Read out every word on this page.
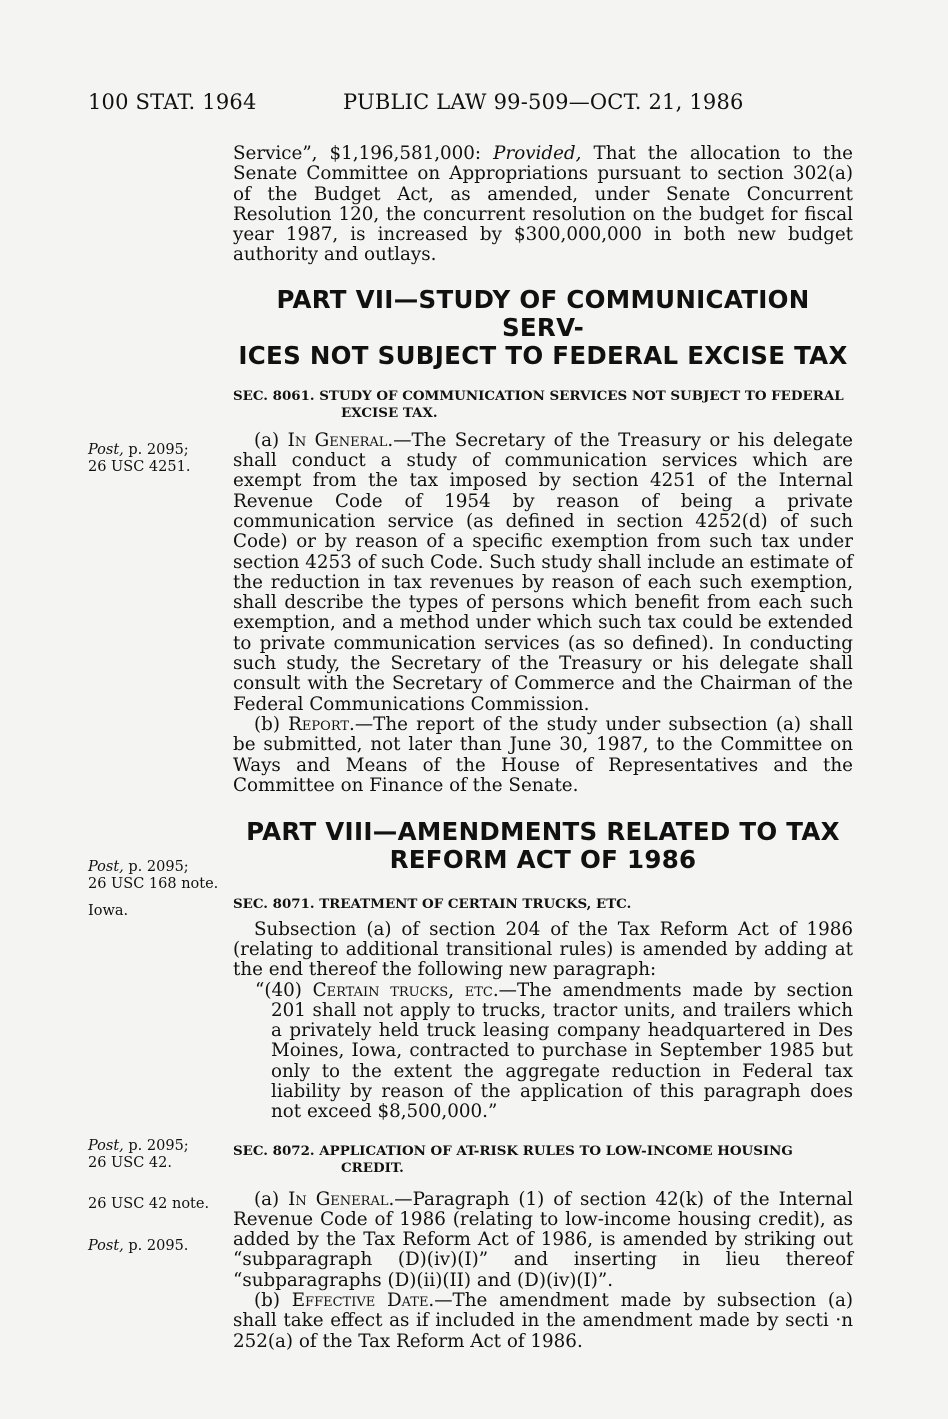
100 STAT. 1964	PUBLIC LAW 99-509—OCT. 21, 1986
Post, p. 2095;
26 USC 4251.
Post, p. 2095;
26 USC 168 note.
Iowa.
Post, p. 2095;
26 USC 42.
26 USC 42 note.
Post, p. 2095.

Service”, $1,196,581,000: Provided, That the allocation to the Senate Committee on Appropriations pursuant to section 302(a) of the Budget Act, as amended, under Senate Concurrent Resolution 120, the concurrent resolution on the budget for fiscal year 1987, is increased by $300,000,000 in both new budget authority and outlays.

PART VII—STUDY OF COMMUNICATION SERV-
ICES NOT SUBJECT TO FEDERAL EXCISE TAX
SEC. 8061. STUDY OF COMMUNICATION SERVICES NOT SUBJECT TO FEDERAL EXCISE TAX.

(a) In General.—The Secretary of the Treasury or his delegate shall conduct a study of communication services which are exempt from the tax imposed by section 4251 of the Internal Revenue Code of 1954 by reason of being a private communication service (as defined in section 4252(d) of such Code) or by reason of a specific exemption from such tax under section 4253 of such Code. Such study shall include an estimate of the reduction in tax revenues by reason of each such exemption, shall describe the types of persons which benefit from each such exemption, and a method under which such tax could be extended to private communication services (as so defined). In conducting such study, the Secretary of the Treasury or his delegate shall consult with the Secretary of Commerce and the Chairman of the Federal Communications Commission.

(b) Report.—The report of the study under subsection (a) shall be submitted, not later than June 30, 1987, to the Committee on Ways and Means of the House of Representatives and the Committee on Finance of the Senate.

PART VIII—AMENDMENTS RELATED TO TAX
REFORM ACT OF 1986
SEC. 8071. TREATMENT OF CERTAIN TRUCKS, ETC.

Subsection (a) of section 204 of the Tax Reform Act of 1986 (relating to additional transitional rules) is amended by adding at the end thereof the following new paragraph:

“(40) Certain trucks, etc.—The amendments made by section 201 shall not apply to trucks, tractor units, and trailers which a privately held truck leasing company headquartered in Des Moines, Iowa, contracted to purchase in September 1985 but only to the extent the aggregate reduction in Federal tax liability by reason of the application of this paragraph does not exceed $8,500,000.”

SEC. 8072. APPLICATION OF AT-RISK RULES TO LOW-INCOME HOUSING CREDIT.

(a) In General.—Paragraph (1) of section 42(k) of the Internal Revenue Code of 1986 (relating to low-income housing credit), as added by the Tax Reform Act of 1986, is amended by striking out “subparagraph (D)(iv)(I)” and inserting in lieu thereof “subparagraphs (D)(ii)(II) and (D)(iv)(I)”.

(b) Effective Date.—The amendment made by subsection (a) shall take effect as if included in the amendment made by secti ·n 252(a) of the Tax Reform Act of 1986.
